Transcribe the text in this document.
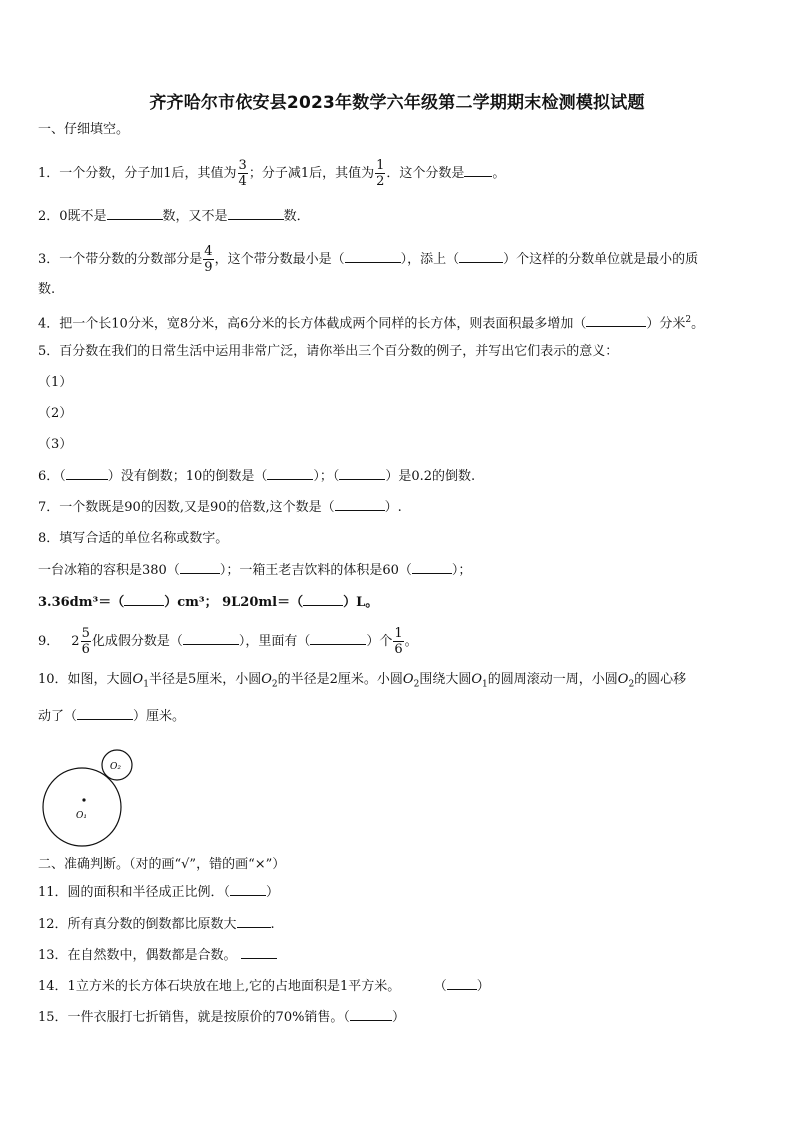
齐齐哈尔市依安县2023年数学六年级第二学期期末检测模拟试题
一、仔细填空。
1．一个分数，分子加1后，其值为 $\frac{3}{4}$ ；分子减1后，其值为 $\frac{1}{2}$ ．这个分数是 。
2．0既不是	数，又不是	数．
3．一个带分数的分数部分是 $\frac{4}{9}$ ，这个带分数最小是（	），添上（	）个这样的分数单位就是最小的质
数.
4．把一个长10分米，宽8分米，高6分米的长方体截成两个同样的长方体，则表面积最多增加（	）分米$^2$。
5．百分数在我们的日常生活中运用非常广泛，请你举出三个百分数的例子，并写出它们表示的意义：
（1）
（2）
（3）
6．（	）没有倒数；10的倒数是（	）；（	）是0.2的倒数.
7．一个数既是90的因数,又是90的倍数,这个数是（	）.
8．填写合适的单位名称或数字。
一台冰箱的容积是380（	）；一箱王老吉饮料的体积是60（	）；
3.36dm³＝（	）cm³； 9L20ml＝（	）L。
9． $2 \frac{5}{6}$ 化成假分数是（	），里面有（	）个 $\frac{1}{6}$ 。
10．如图，大圆$O_1$半径是5厘米，小圆$O_2$的半径是2厘米。小圆$O_2$围绕大圆$O_1$的圆周滚动一周，小圆$O_2$的圆心移
动了（	）厘米。
O₁
O₂
二、准确判断。（对的画“√”，错的画“×”）
11．圆的面积和半径成正比例．（	）
12．所有真分数的倒数都比原数大	.
13．在自然数中，偶数都是合数。
14．1立方米的长方体石块放在地上,它的占地面积是1平方米。	（ ）
15．一件衣服打七折销售，就是按原价的70%销售。（	）
